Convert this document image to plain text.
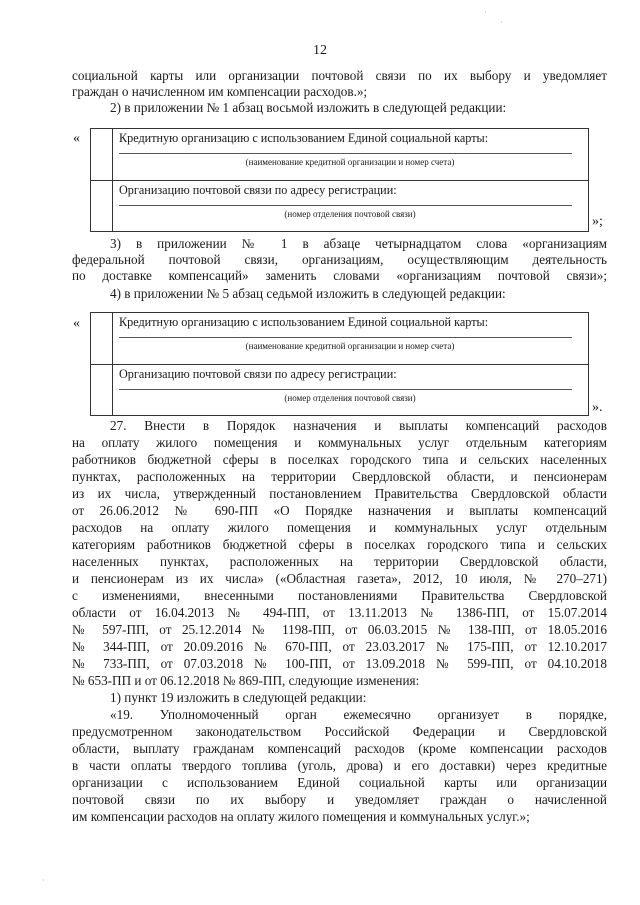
12
социальной карты или организации почтовой связи по их выбору и уведомляет
граждан о начисленном им компенсации расходов.»;
2) в приложении № 1 абзац восьмой изложить в следующей редакции:
«	Кредитную организацию с использованием Единой социальной карты:
(наименование кредитной организации и номер счета)
Организацию почтовой связи по адресу регистрации:
(номер отделения почтовой связи)	»;
3) в приложении № 1 в абзаце четырнадцатом слова «организациям
федеральной почтовой связи, организациям, осуществляющим деятельность
по доставке компенсаций» заменить словами «организациям почтовой связи»;
4) в приложении № 5 абзац седьмой изложить в следующей редакции:
«	Кредитную организацию с использованием Единой социальной карты:
(наименование кредитной организации и номер счета)
Организацию почтовой связи по адресу регистрации:
(номер отделения почтовой связи)
».
27. Внести в Порядок назначения и выплаты компенсаций расходов
на оплату жилого помещения и коммунальных услуг отдельным категориям
работников бюджетной сферы в поселках городского типа и сельских населенных
пунктах, расположенных на территории Свердловской области, и пенсионерам
из их числа, утвержденный постановлением Правительства Свердловской области
от 26.06.2012 № 690-ПП «О Порядке назначения и выплаты компенсаций
расходов на оплату жилого помещения и коммунальных услуг отдельным
категориям работников бюджетной сферы в поселках городского типа и сельских
населенных пунктах, расположенных на территории Свердловской области,
и пенсионерам из их числа» («Областная газета», 2012, 10 июля, № 270–271)
с изменениями, внесенными постановлениями Правительства Свердловской
области от 16.04.2013 № 494-ПП, от 13.11.2013 № 1386-ПП, от 15.07.2014
№ 597-ПП, от 25.12.2014 № 1198-ПП, от 06.03.2015 № 138-ПП, от 18.05.2016
№ 344-ПП, от 20.09.2016 № 670-ПП, от 23.03.2017 № 175-ПП, от 12.10.2017
№ 733-ПП, от 07.03.2018 № 100-ПП, от 13.09.2018 № 599-ПП, от 04.10.2018
№ 653-ПП и от 06.12.2018 № 869-ПП, следующие изменения:
1) пункт 19 изложить в следующей редакции:
«19. Уполномоченный орган ежемесячно организует в порядке,
предусмотренном законодательством Российской Федерации и Свердловской
области, выплату гражданам компенсаций расходов (кроме компенсации расходов
в части оплаты твердого топлива (уголь, дрова) и его доставки) через кредитные
организации с использованием Единой социальной карты или организации
почтовой связи по их выбору и уведомляет граждан о начисленной
им компенсации расходов на оплату жилого помещения и коммунальных услуг.»;
·
·
·
